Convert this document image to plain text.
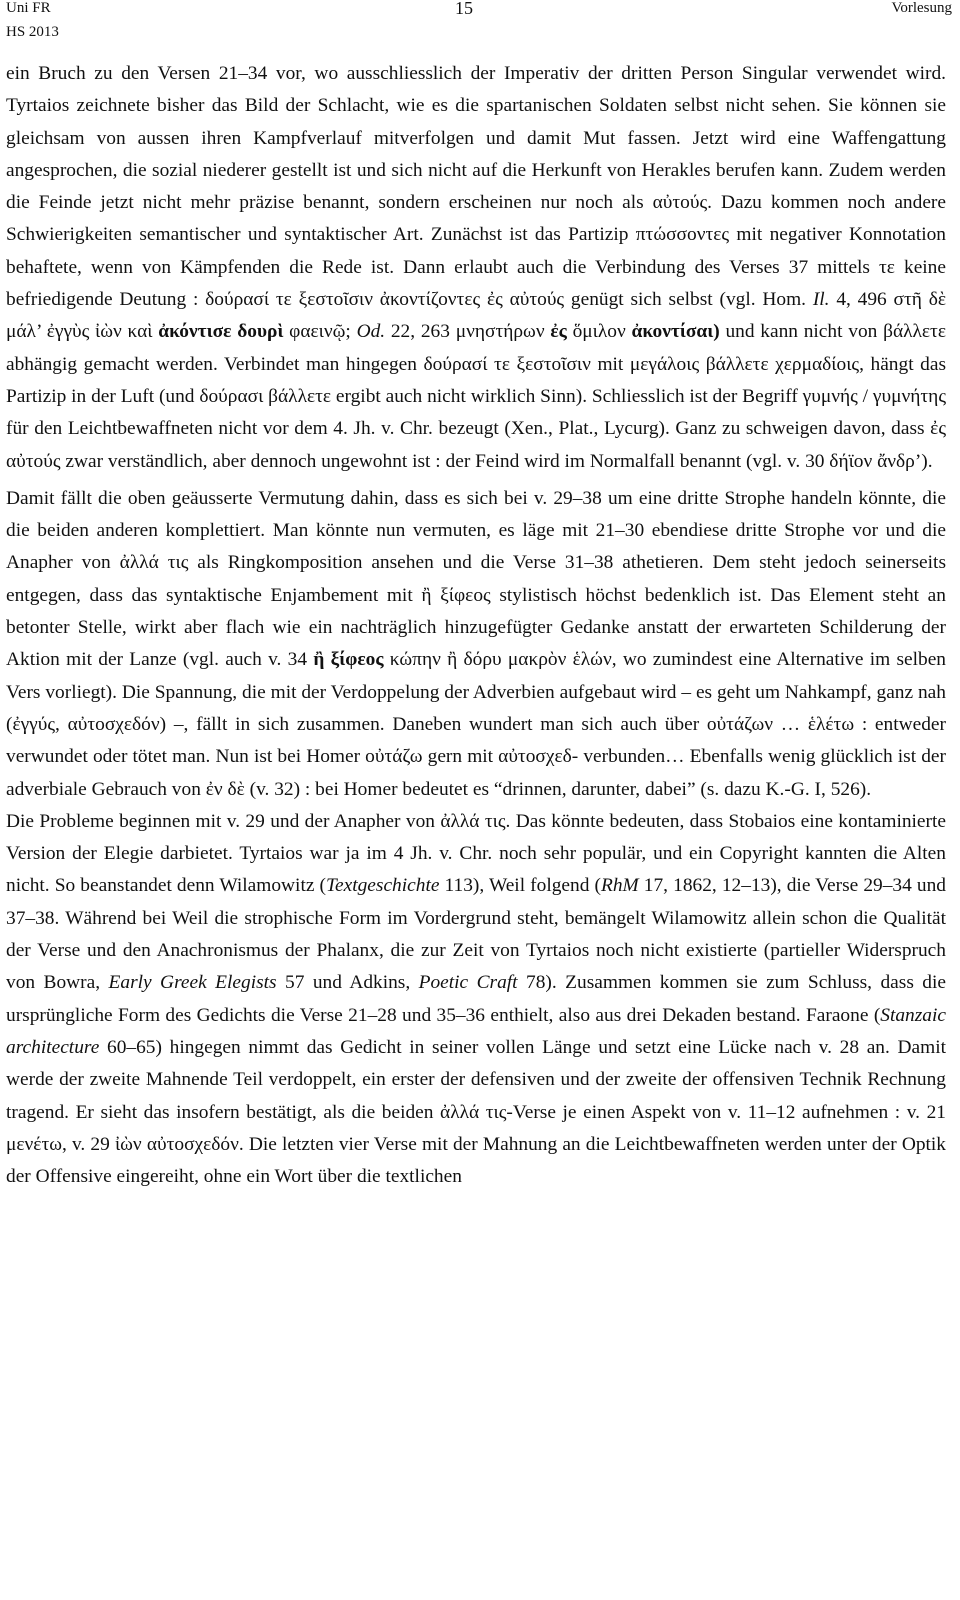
Uni FR
HS 2013
15	Vorlesung

ein Bruch zu den Versen 21–34 vor, wo ausschliesslich der Imperativ der dritten Person Singular verwendet wird. Tyrtaios zeichnete bisher das Bild der Schlacht, wie es die spartanischen Soldaten selbst nicht sehen. Sie können sie gleichsam von aussen ihren Kampfverlauf mitverfolgen und damit Mut fassen. Jetzt wird eine Waffengattung angesprochen, die sozial niederer gestellt ist und sich nicht auf die Herkunft von Herakles berufen kann. Zudem werden die Feinde jetzt nicht mehr präzise benannt, sondern erscheinen nur noch als αὐτούς. Dazu kommen noch andere Schwierigkeiten semantischer und syntaktischer Art. Zunächst ist das Partizip πτώσσοντες mit negativer Konnotation behaftete, wenn von Kämpfenden die Rede ist. Dann erlaubt auch die Verbindung des Verses 37 mittels τε keine befriedigende Deutung : δούρασί τε ξεστοῖσιν ἀκοντίζοντες ἐς αὐτούς genügt sich selbst (vgl. Hom. Il. 4, 496 στῆ δὲ μάλ’ ἐγγὺς ἰὼν καὶ ἀκόντισε δουρὶ φαεινῷ; Od. 22, 263 μνηστήρων ἐς ὅμιλον ἀκοντίσαι) und kann nicht von βάλλετε abhängig gemacht werden. Verbindet man hingegen δούρασί τε ξεστοῖσιν mit μεγάλοις βάλλετε χερμαδίοις, hängt das Partizip in der Luft (und δούρασι βάλλετε ergibt auch nicht wirklich Sinn). Schliesslich ist der Begriff γυμνής / γυμνήτης für den Leichtbewaffneten nicht vor dem 4. Jh. v. Chr. bezeugt (Xen., Plat., Lycurg). Ganz zu schweigen davon, dass ἐς αὐτούς zwar verständlich, aber dennoch ungewohnt ist : der Feind wird im Normalfall benannt (vgl. v. 30 δήϊον ἄνδρ’).

Damit fällt die oben geäusserte Vermutung dahin, dass es sich bei v. 29–38 um eine dritte Strophe handeln könnte, die die beiden anderen komplettiert. Man könnte nun vermuten, es läge mit 21–30 ebendiese dritte Strophe vor und die Anapher von ἀλλά τις als Ringkomposition ansehen und die Verse 31–38 athetieren. Dem steht jedoch seinerseits entgegen, dass das syntaktische Enjambement mit ἢ ξίφεος stylistisch höchst bedenklich ist. Das Element steht an betonter Stelle, wirkt aber flach wie ein nachträglich hinzugefügter Gedanke anstatt der erwarteten Schilderung der Aktion mit der Lanze (vgl. auch v. 34 ἢ ξίφεος κώπην ἢ δόρυ μακρὸν ἑλών, wo zumindest eine Alternative im selben Vers vorliegt). Die Spannung, die mit der Verdoppelung der Adverbien aufgebaut wird – es geht um Nahkampf, ganz nah (ἐγγύς, αὐτοσχεδόν) –, fällt in sich zusammen. Daneben wundert man sich auch über οὐτάζων … ἑλέτω : entweder verwundet oder tötet man. Nun ist bei Homer οὐτάζω gern mit αὐτοσχεδ- verbunden… Ebenfalls wenig glücklich ist der adverbiale Gebrauch von ἐν δὲ (v. 32) : bei Homer bedeutet es “drinnen, darunter, dabei” (s. dazu K.-G. I, 526).

Die Probleme beginnen mit v. 29 und der Anapher von ἀλλά τις. Das könnte bedeuten, dass Stobaios eine kontaminierte Version der Elegie darbietet. Tyrtaios war ja im 4 Jh. v. Chr. noch sehr populär, und ein Copyright kannten die Alten nicht. So beanstandet denn Wilamowitz (Textgeschichte 113), Weil folgend (RhM 17, 1862, 12–13), die Verse 29–34 und 37–38. Während bei Weil die strophische Form im Vordergrund steht, bemängelt Wilamowitz allein schon die Qualität der Verse und den Anachronismus der Phalanx, die zur Zeit von Tyrtaios noch nicht existierte (partieller Widerspruch von Bowra, Early Greek Elegists 57 und Adkins, Poetic Craft 78). Zusammen kommen sie zum Schluss, dass die ursprüngliche Form des Gedichts die Verse 21–28 und 35–36 enthielt, also aus drei Dekaden bestand. Faraone (Stanzaic architecture 60–65) hingegen nimmt das Gedicht in seiner vollen Länge und setzt eine Lücke nach v. 28 an. Damit werde der zweite Mahnende Teil verdoppelt, ein erster der defensiven und der zweite der offensiven Technik Rechnung tragend. Er sieht das insofern bestätigt, als die beiden ἀλλά τις-Verse je einen Aspekt von v. 11–12 aufnehmen : v. 21 μενέτω, v. 29 ἰὼν αὐτοσχεδόν. Die letzten vier Verse mit der Mahnung an die Leichtbewaffneten werden unter der Optik der Offensive eingereiht, ohne ein Wort über die textlichen
